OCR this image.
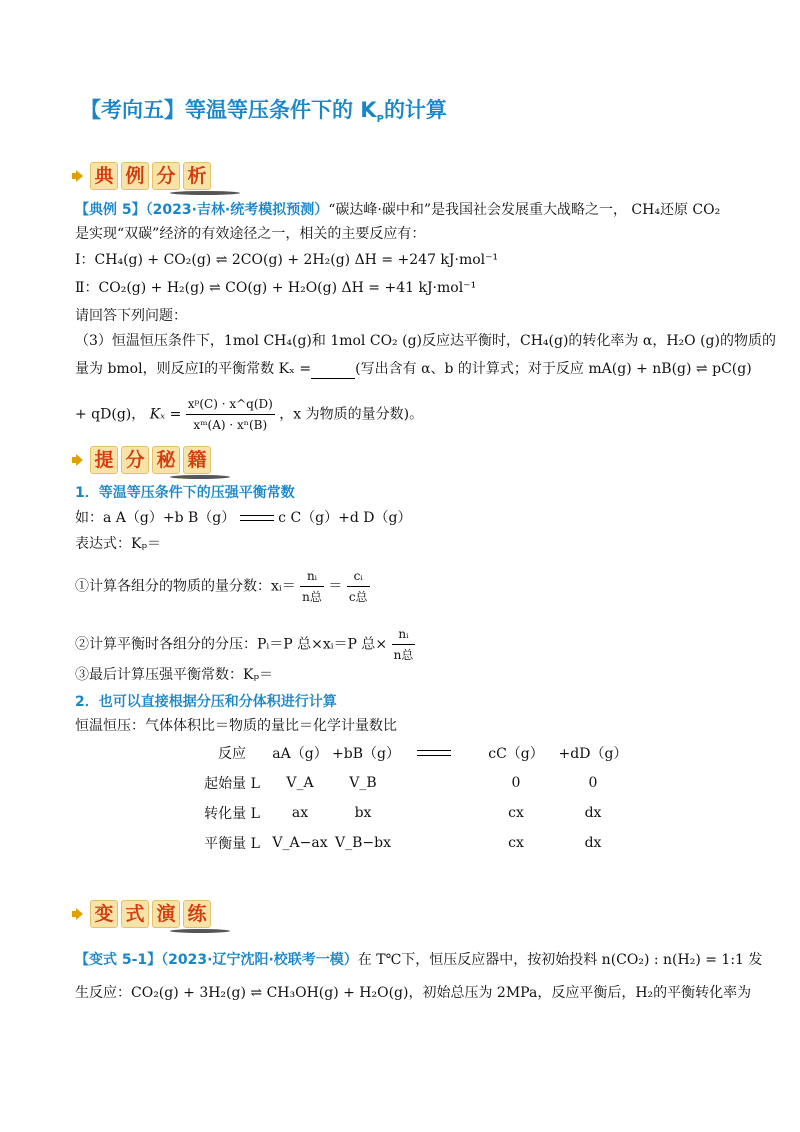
【考向五】等温等压条件下的 $K_P$的计算
典 例 分 析
【典例 5】（2023·吉林·统考模拟预测）“碳达峰·碳中和”是我国社会发展重大战略之一， CH₄还原 CO₂
是实现“双碳”经济的有效途径之一，相关的主要反应有：
Ⅰ：CH₄(g) + CO₂(g) ⇌ 2CO(g) + 2H₂(g) ΔH = +247 kJ·mol⁻¹
Ⅱ：CO₂(g) + H₂(g) ⇌ CO(g) + H₂O(g) ΔH = +41 kJ·mol⁻¹
请回答下列问题：
（3）恒温恒压条件下，1mol CH₄(g)和 1mol CO₂ (g)反应达平衡时，CH₄(g)的转化率为 α，H₂O (g)的物质的
量为 bmol，则反应Ⅰ的平衡常数 Kₓ =	(写出含有 α、b 的计算式；对于反应 mA(g) + nB(g) ⇌ pC(g)
+ qD(g)， $K_x = \frac{\text{xᵖ(C) · x\textasciicircum{}q(D)}}{\text{xᵐ(A) · xⁿ(B)}}$ ，x 为物质的量分数)。
提 分 秘 籍
1．等温等压条件下的压强平衡常数
如：a A（g）+b B（g）	c C（g）+d D（g）
表达式：Kₚ＝
①计算各组分的物质的量分数：xᵢ＝ $\frac{\text{nᵢ}}{\text{n总}} = \frac{\text{cᵢ}}{\text{c总}}$
②计算平衡时各组分的分压：Pᵢ＝P 总×xᵢ＝P 总× $\frac{\text{nᵢ}}{\text{n总}}$
③最后计算压强平衡常数：Kₚ＝
2．也可以直接根据分压和分体积进行计算
恒温恒压：气体体积比＝物质的量比＝化学计量数比
反应	aA（g）	+bB（g）		cC（g）	+dD（g）
起始量 L	V_A	V_B		0	0
转化量 L	ax	bx		cx	dx
平衡量 L	V_A−ax	V_B−bx		cx	dx
变 式 演 练
【变式 5-1】（2023·辽宁沈阳·校联考一模）在 T℃下，恒压反应器中，按初始投料 n(CO₂) : n(H₂) = 1:1 发
生反应：CO₂(g) + 3H₂(g) ⇌ CH₃OH(g) + H₂O(g)，初始总压为 2MPa，反应平衡后，H₂的平衡转化率为
